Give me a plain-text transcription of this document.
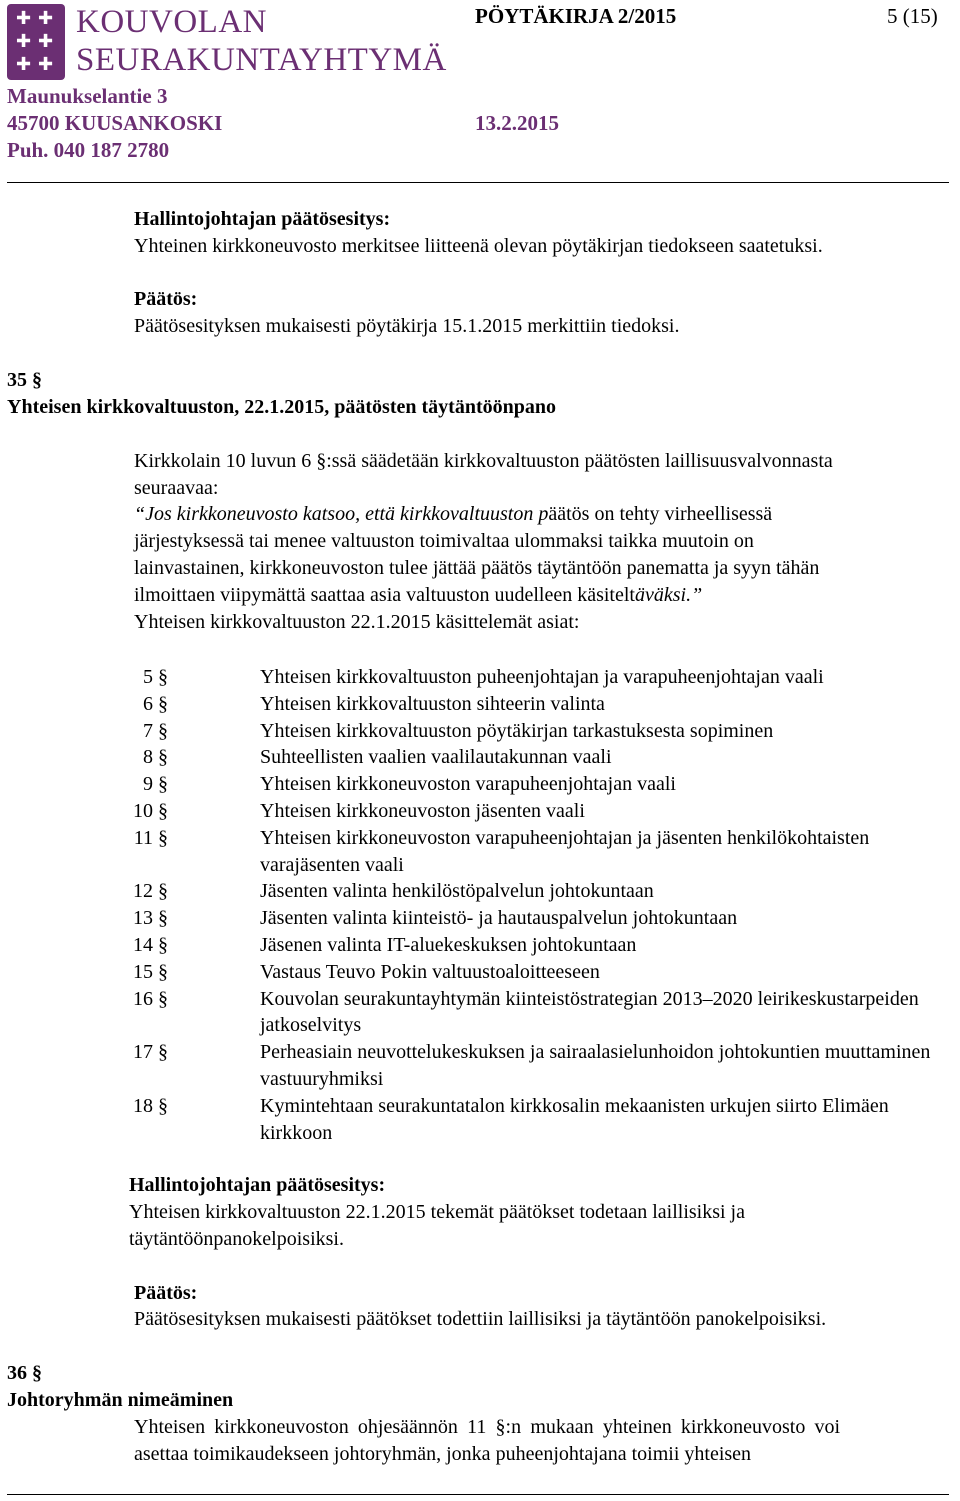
✚ ✚
✚ ✚
✚ ✚
KOUVOLAN
SEURAKUNTAYHTYMÄ
PÖYTÄKIRJA 2/2015	5 (15)
Maunukselantie 3
45700 KUUSANKOSKI	13.2.2015
Puh. 040 187 2780
Hallintojohtajan päätösesitys:
Yhteinen kirkkoneuvosto merkitsee liitteenä olevan pöytäkirjan tiedokseen saatetuksi.
Päätös:
Päätösesityksen mukaisesti pöytäkirja 15.1.2015 merkittiin tiedoksi.
35 §
Yhteisen kirkkovaltuuston, 22.1.2015, päätösten täytäntöönpano
Kirkkolain 10 luvun 6 §:ssä säädetään kirkkovaltuuston päätösten laillisuusvalvonnasta
seuraavaa:
“Jos kirkkoneuvosto katsoo, että kirkkovaltuuston päätös on tehty virheellisessä
järjestyksessä tai menee valtuuston toimivaltaa ulommaksi taikka muutoin on
lainvastainen, kirkkoneuvoston tulee jättää päätös täytäntöön panematta ja syyn tähän
ilmoittaen viipymättä saattaa asia valtuuston uudelleen käsiteltäväksi.”
Yhteisen kirkkovaltuuston 22.1.2015 käsittelemät asiat:
5 §	Yhteisen kirkkovaltuuston puheenjohtajan ja varapuheenjohtajan vaali
6 §	Yhteisen kirkkovaltuuston sihteerin valinta
7 §	Yhteisen kirkkovaltuuston pöytäkirjan tarkastuksesta sopiminen
8 §	Suhteellisten vaalien vaalilautakunnan vaali
9 §	Yhteisen kirkkoneuvoston varapuheenjohtajan vaali
10 §	Yhteisen kirkkoneuvoston jäsenten vaali
11 §	Yhteisen kirkkoneuvoston varapuheenjohtajan ja jäsenten henkilökohtaisten varajäsenten vaali
12 §	Jäsenten valinta henkilöstöpalvelun johtokuntaan
13 §	Jäsenten valinta kiinteistö- ja hautauspalvelun johtokuntaan
14 §	Jäsenen valinta IT-aluekeskuksen johtokuntaan
15 §	Vastaus Teuvo Pokin valtuustoaloitteeseen
16 §	Kouvolan seurakuntayhtymän kiinteistöstrategian 2013–2020 leirikeskustarpeiden jatkoselvitys
17 §	Perheasiain neuvottelukeskuksen ja sairaalasielunhoidon johtokuntien muuttaminen vastuuryhmiksi
18 §	Kymintehtaan seurakuntatalon kirkkosalin mekaanisten urkujen siirto Elimäen kirkkoon
Hallintojohtajan päätösesitys:
Yhteisen kirkkovaltuuston 22.1.2015 tekemät päätökset todetaan laillisiksi ja
täytäntöönpanokelpoisiksi.
Päätös:
Päätösesityksen mukaisesti päätökset todettiin laillisiksi ja täytäntöön panokelpoisiksi.
36 §
Johtoryhmän nimeäminen
Yhteisen kirkkoneuvoston ohjesäännön 11 §:n mukaan yhteinen kirkkoneuvosto voi
asettaa toimikaudekseen johtoryhmän, jonka puheenjohtajana toimii yhteisen
